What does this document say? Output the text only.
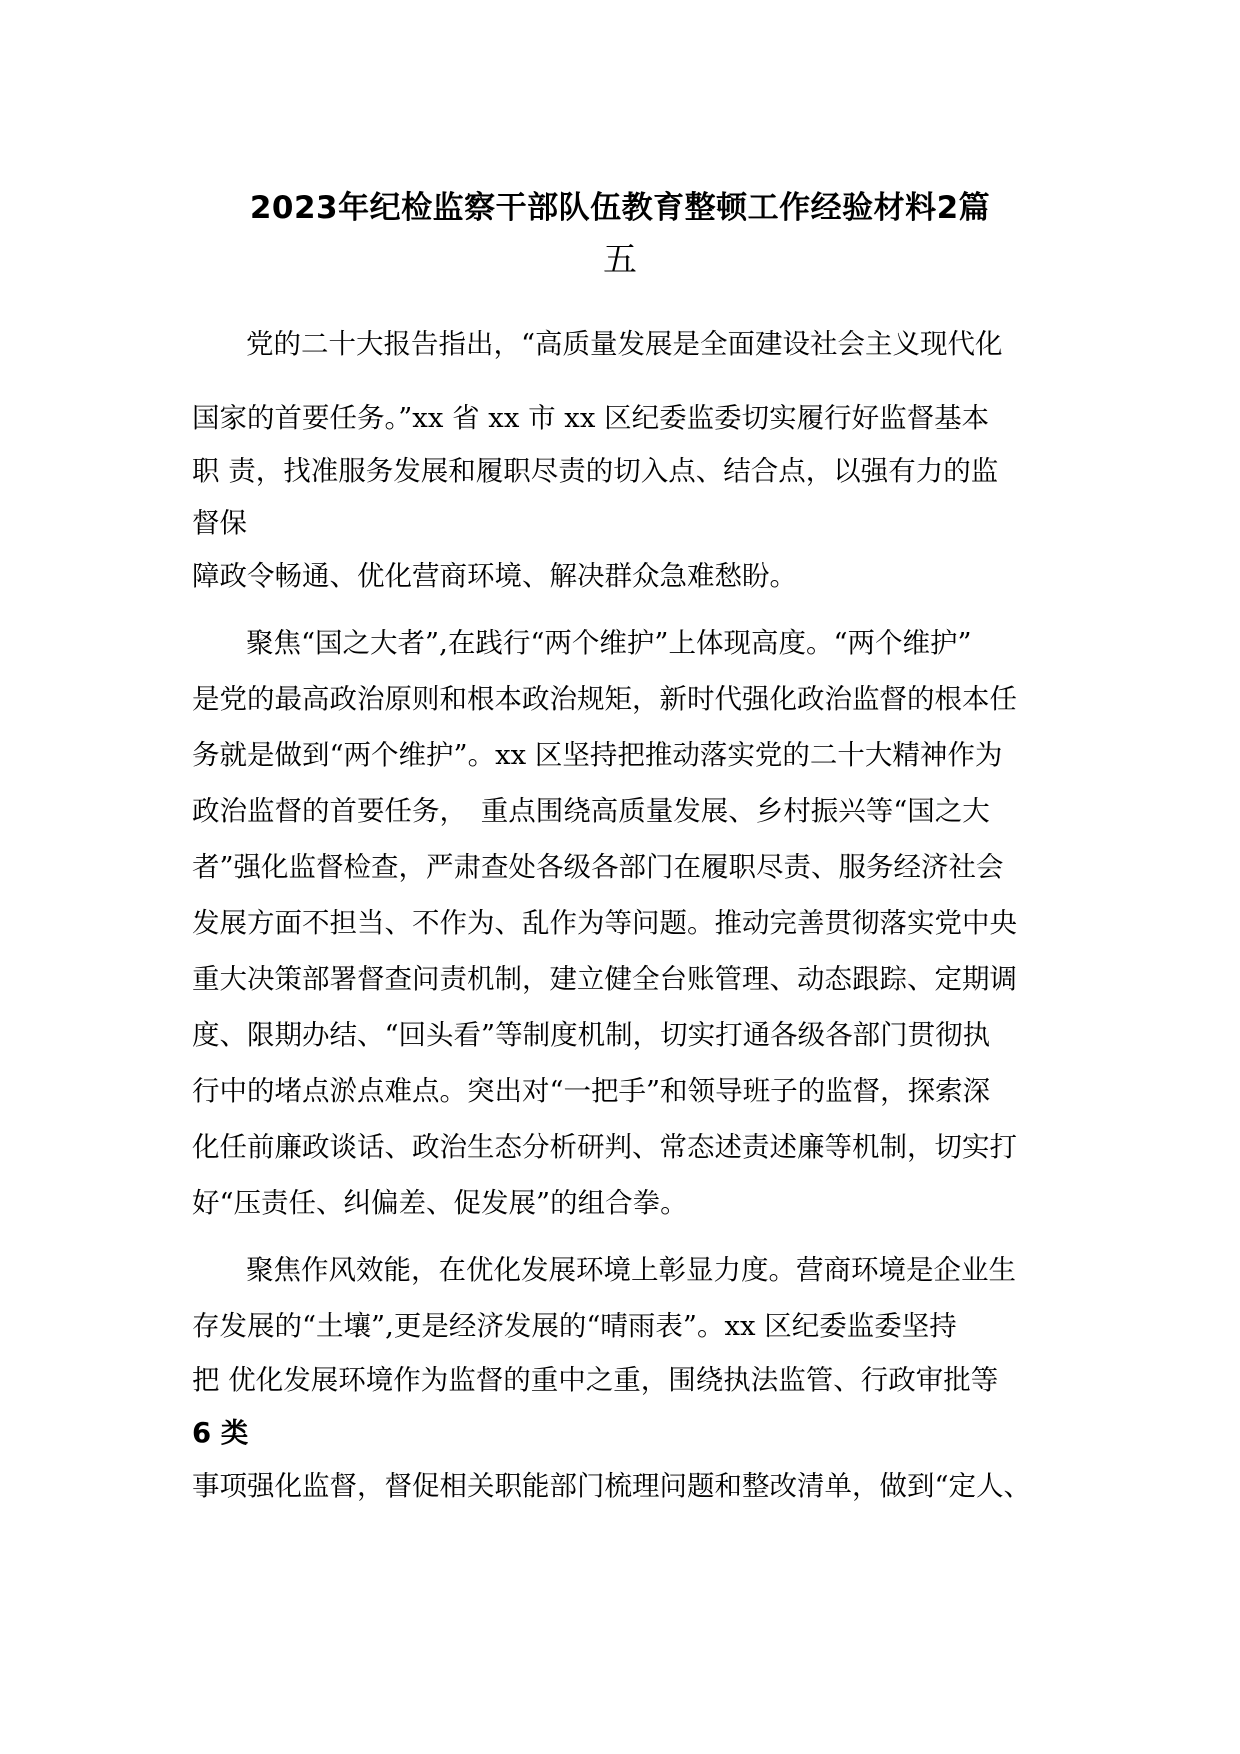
2023年纪检监察干部队伍教育整顿工作经验材料2篇
五
党的二十大报告指出，“高质量发展是全面建设社会主义现代化
国家的首要任务。”xx 省 xx 市 xx 区纪委监委切实履行好监督基本
职 责，找准服务发展和履职尽责的切入点、结合点，以强有力的监
督保
障政令畅通、优化营商环境、解决群众急难愁盼。
聚焦“国之大者”,在践行“两个维护”上体现高度。“两个维护”
是党的最高政治原则和根本政治规矩，新时代强化政治监督的根本任
务就是做到“两个维护”。xx 区坚持把推动落实党的二十大精神作为
政治监督的首要任务，　重点围绕高质量发展、乡村振兴等“国之大
者”强化监督检查，严肃查处各级各部门在履职尽责、服务经济社会
发展方面不担当、不作为、乱作为等问题。推动完善贯彻落实党中央
重大决策部署督查问责机制，建立健全台账管理、动态跟踪、定期调
度、限期办结、“回头看”等制度机制，切实打通各级各部门贯彻执
行中的堵点淤点难点。突出对“一把手”和领导班子的监督，探索深
化任前廉政谈话、政治生态分析研判、常态述责述廉等机制，切实打
好“压责任、纠偏差、促发展”的组合拳。
聚焦作风效能，在优化发展环境上彰显力度。营商环境是企业生
存发展的“土壤”,更是经济发展的“晴雨表”。xx 区纪委监委坚持
把 优化发展环境作为监督的重中之重，围绕执法监管、行政审批等
6 类
事项强化监督，督促相关职能部门梳理问题和整改清单，做到“定人、
